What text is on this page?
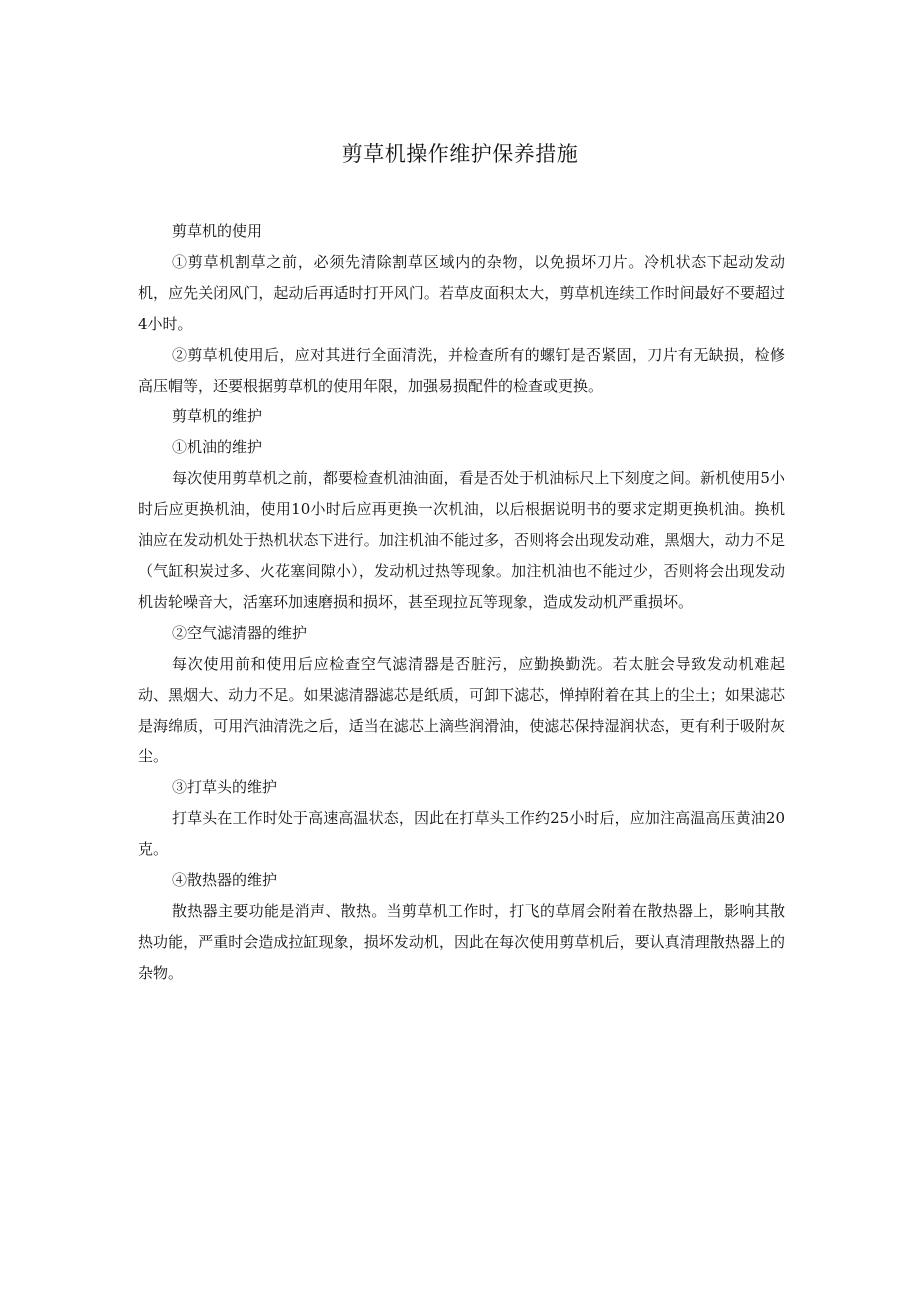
剪草机操作维护保养措施

剪草机的使用

①剪草机割草之前，必须先清除割草区域内的杂物，以免损坏刀片。冷机状态下起动发动机，应先关闭风门，起动后再适时打开风门。若草皮面积太大，剪草机连续工作时间最好不要超过4小时。

②剪草机使用后，应对其进行全面清洗，并检查所有的螺钉是否紧固，刀片有无缺损，检修高压帽等，还要根据剪草机的使用年限，加强易损配件的检查或更换。

剪草机的维护

①机油的维护

每次使用剪草机之前，都要检查机油油面，看是否处于机油标尺上下刻度之间。新机使用5小时后应更换机油，使用10小时后应再更换一次机油，以后根据说明书的要求定期更换机油。换机油应在发动机处于热机状态下进行。加注机油不能过多，否则将会出现发动难，黑烟大，动力不足（气缸积炭过多、火花塞间隙小），发动机过热等现象。加注机油也不能过少，否则将会出现发动机齿轮噪音大，活塞环加速磨损和损坏，甚至现拉瓦等现象，造成发动机严重损坏。

②空气滤清器的维护

每次使用前和使用后应检查空气滤清器是否脏污，应勤换勤洗。若太脏会导致发动机难起动、黑烟大、动力不足。如果滤清器滤芯是纸质，可卸下滤芯，惮掉附着在其上的尘土；如果滤芯是海绵质，可用汽油清洗之后，适当在滤芯上滴些润滑油，使滤芯保持湿润状态，更有利于吸附灰尘。

③打草头的维护

打草头在工作时处于高速高温状态，因此在打草头工作约25小时后，应加注高温高压黄油20克。

④散热器的维护

散热器主要功能是消声、散热。当剪草机工作时，打飞的草屑会附着在散热器上，影响其散热功能，严重时会造成拉缸现象，损坏发动机，因此在每次使用剪草机后，要认真清理散热器上的杂物。
